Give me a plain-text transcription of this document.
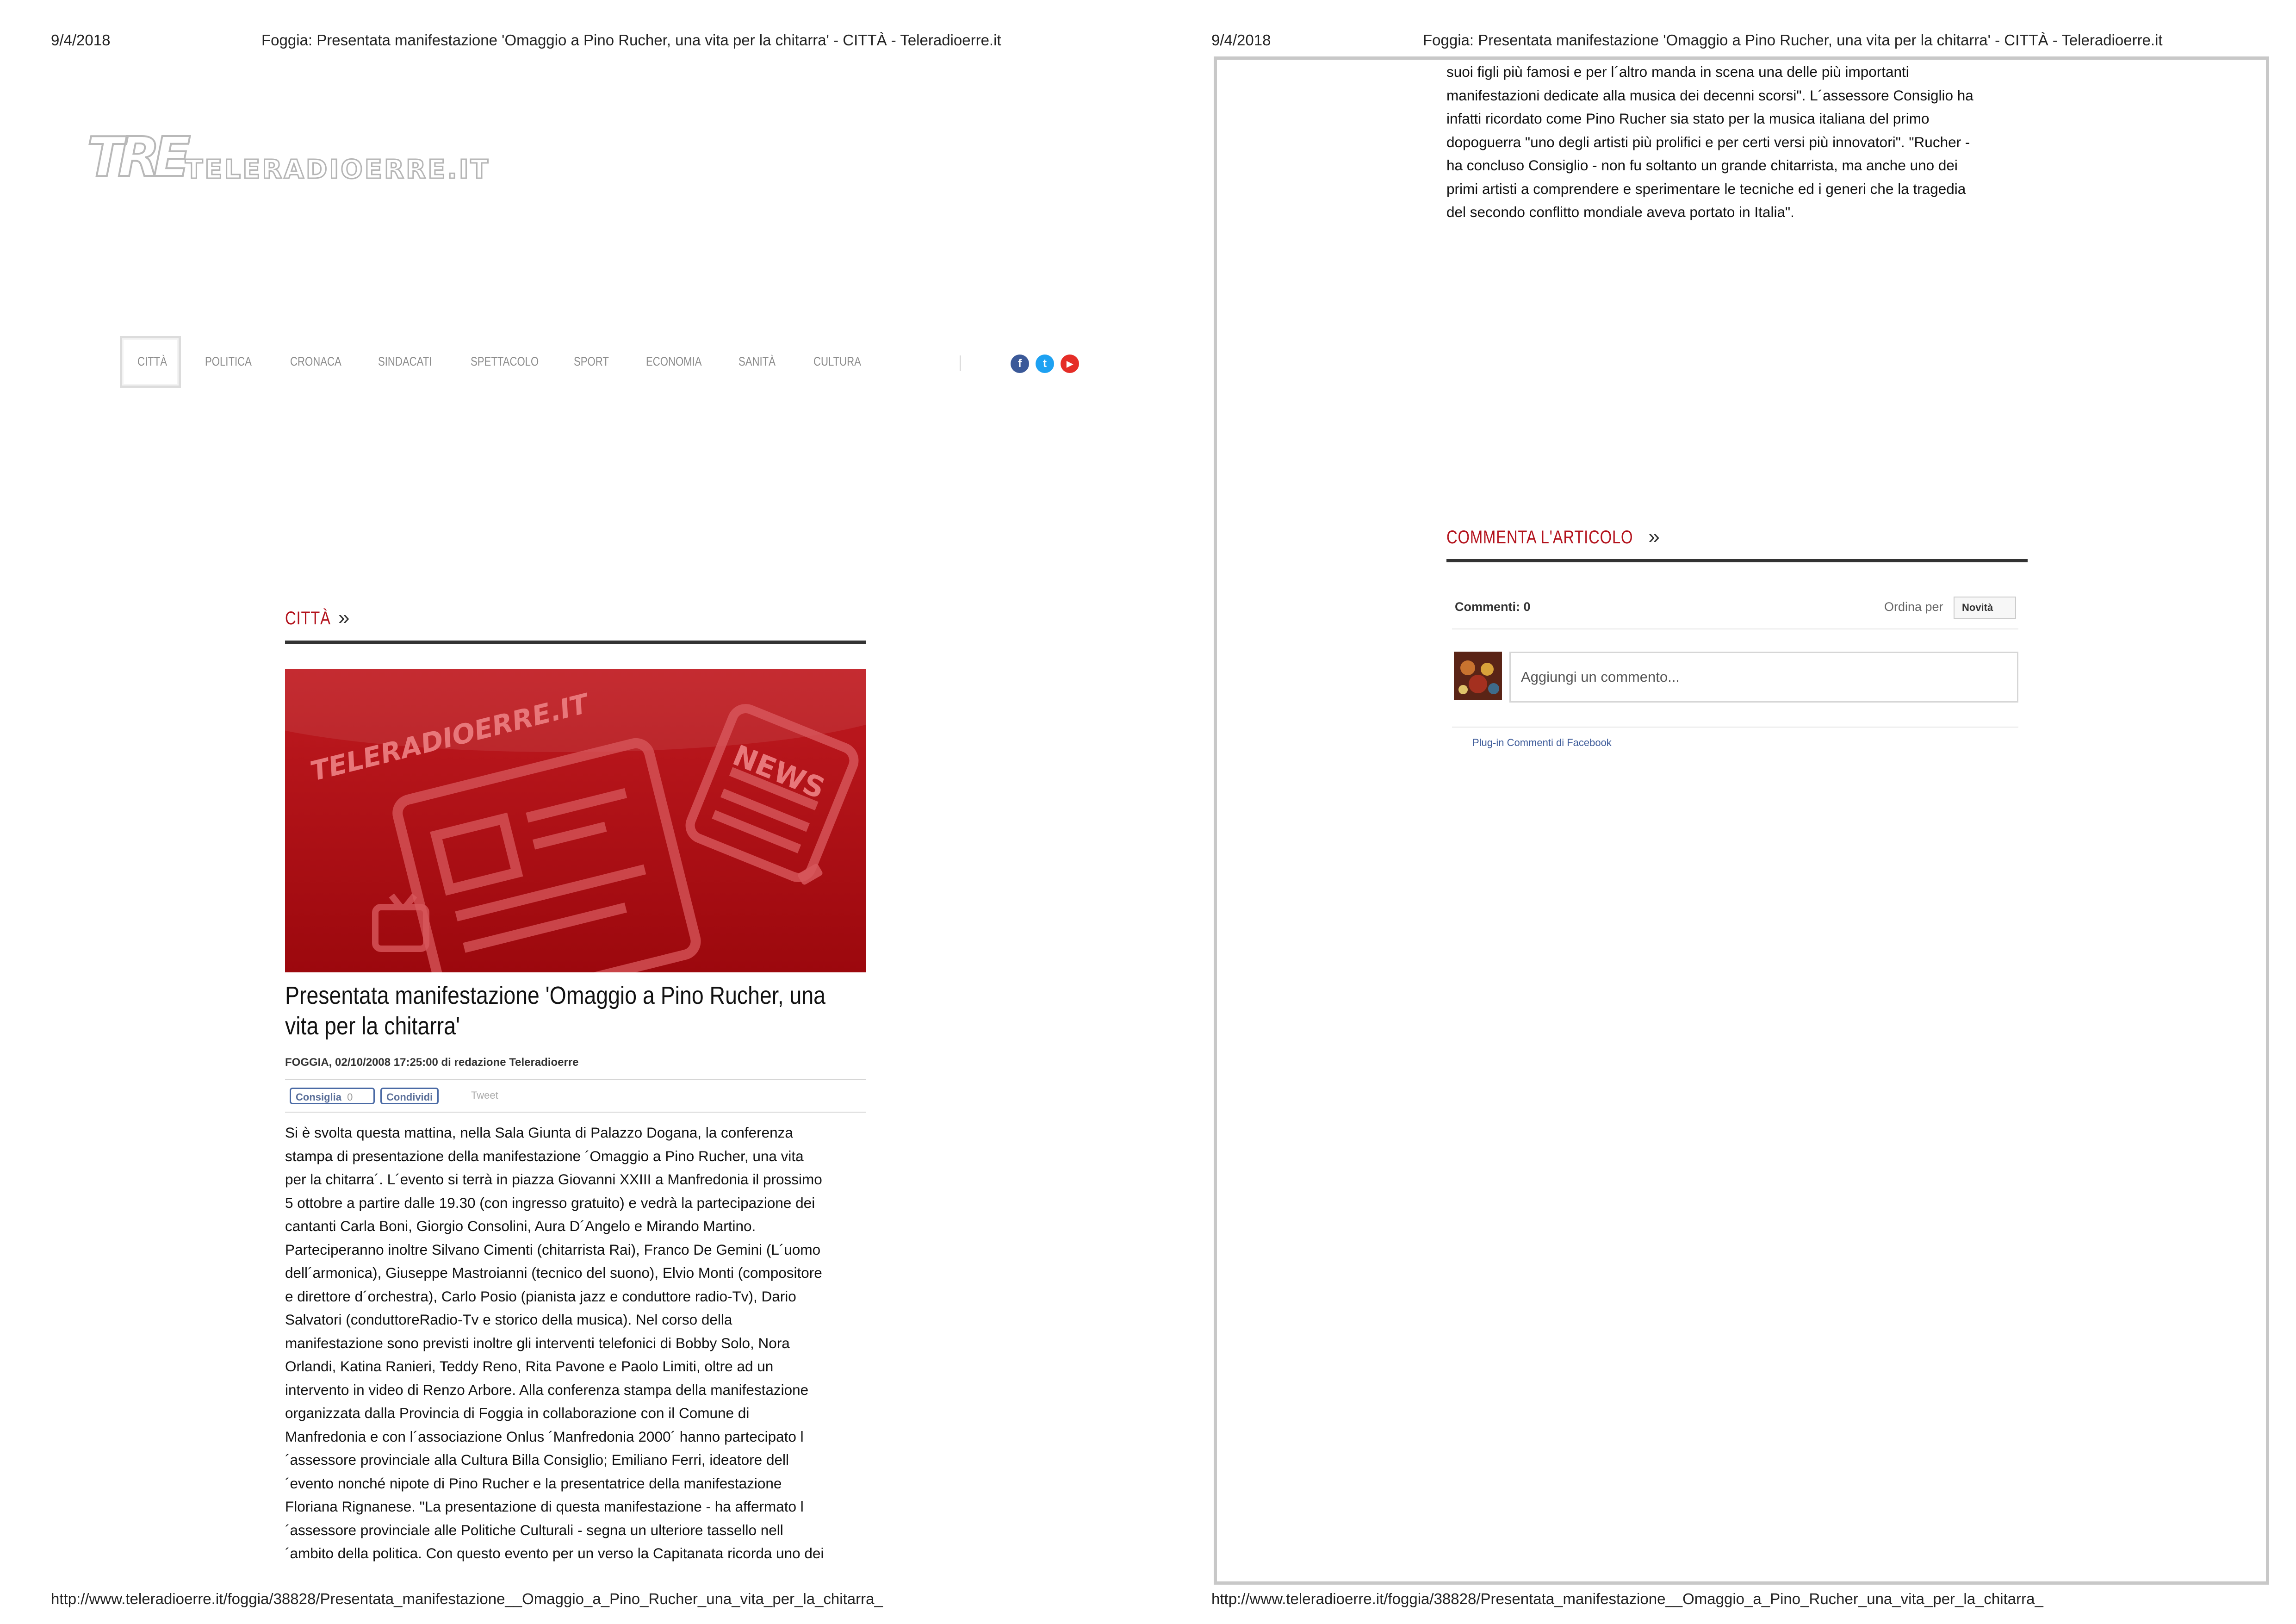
9/4/2018	Foggia: Presentata manifestazione 'Omaggio a Pino Rucher, una vita per la chitarra' - CITTÀ - Teleradioerre.it
TRE TELERADIOERRE.IT
CITTÀ	POLITICA	CRONACA	SINDACATI	SPETTACOLO	SPORT	ECONOMIA	SANITÀ	CULTURA	f	t	▶
CITTÀ »
TELERADIOERRE.IT	NEWS
Presentata manifestazione 'Omaggio a Pino Rucher, una vita per la chitarra'
FOGGIA, 02/10/2008 17:25:00 di redazione Teleradioerre
Consiglia 0	Condividi	Tweet
Si è svolta questa mattina, nella Sala Giunta di Palazzo Dogana, la conferenza
stampa di presentazione della manifestazione ´Omaggio a Pino Rucher, una vita
per la chitarra´. L´evento si terrà in piazza Giovanni XXIII a Manfredonia il prossimo
5 ottobre a partire dalle 19.30 (con ingresso gratuito) e vedrà la partecipazione dei
cantanti Carla Boni, Giorgio Consolini, Aura D´Angelo e Mirando Martino.
Parteciperanno inoltre Silvano Cimenti (chitarrista Rai), Franco De Gemini (L´uomo
dell´armonica), Giuseppe Mastroianni (tecnico del suono), Elvio Monti (compositore
e direttore d´orchestra), Carlo Posio (pianista jazz e conduttore radio-Tv), Dario
Salvatori (conduttoreRadio-Tv e storico della musica). Nel corso della
manifestazione sono previsti inoltre gli interventi telefonici di Bobby Solo, Nora
Orlandi, Katina Ranieri, Teddy Reno, Rita Pavone e Paolo Limiti, oltre ad un
intervento in video di Renzo Arbore. Alla conferenza stampa della manifestazione
organizzata dalla Provincia di Foggia in collaborazione con il Comune di
Manfredonia e con l´associazione Onlus ´Manfredonia 2000´ hanno partecipato l
´assessore provinciale alla Cultura Billa Consiglio; Emiliano Ferri, ideatore dell
´evento nonché nipote di Pino Rucher e la presentatrice della manifestazione
Floriana Rignanese. "La presentazione di questa manifestazione - ha affermato l
´assessore provinciale alle Politiche Culturali - segna un ulteriore tassello nell
´ambito della politica. Con questo evento per un verso la Capitanata ricorda uno dei
http://www.teleradioerre.it/foggia/38828/Presentata_manifestazione__Omaggio_a_Pino_Rucher_una_vita_per_la_chitarra_
9/4/2018	Foggia: Presentata manifestazione 'Omaggio a Pino Rucher, una vita per la chitarra' - CITTÀ - Teleradioerre.it
suoi figli più famosi e per l´altro manda in scena una delle più importanti
manifestazioni dedicate alla musica dei decenni scorsi". L´assessore Consiglio ha
infatti ricordato come Pino Rucher sia stato per la musica italiana del primo
dopoguerra "uno degli artisti più prolifici e per certi versi più innovatori". "Rucher -
ha concluso Consiglio - non fu soltanto un grande chitarrista, ma anche uno dei
primi artisti a comprendere e sperimentare le tecniche ed i generi che la tragedia
del secondo conflitto mondiale aveva portato in Italia".
COMMENTA L'ARTICOLO »
Commenti: 0	Ordina per	Novità
Aggiungi un commento...
Plug-in Commenti di Facebook
http://www.teleradioerre.it/foggia/38828/Presentata_manifestazione__Omaggio_a_Pino_Rucher_una_vita_per_la_chitarra_
